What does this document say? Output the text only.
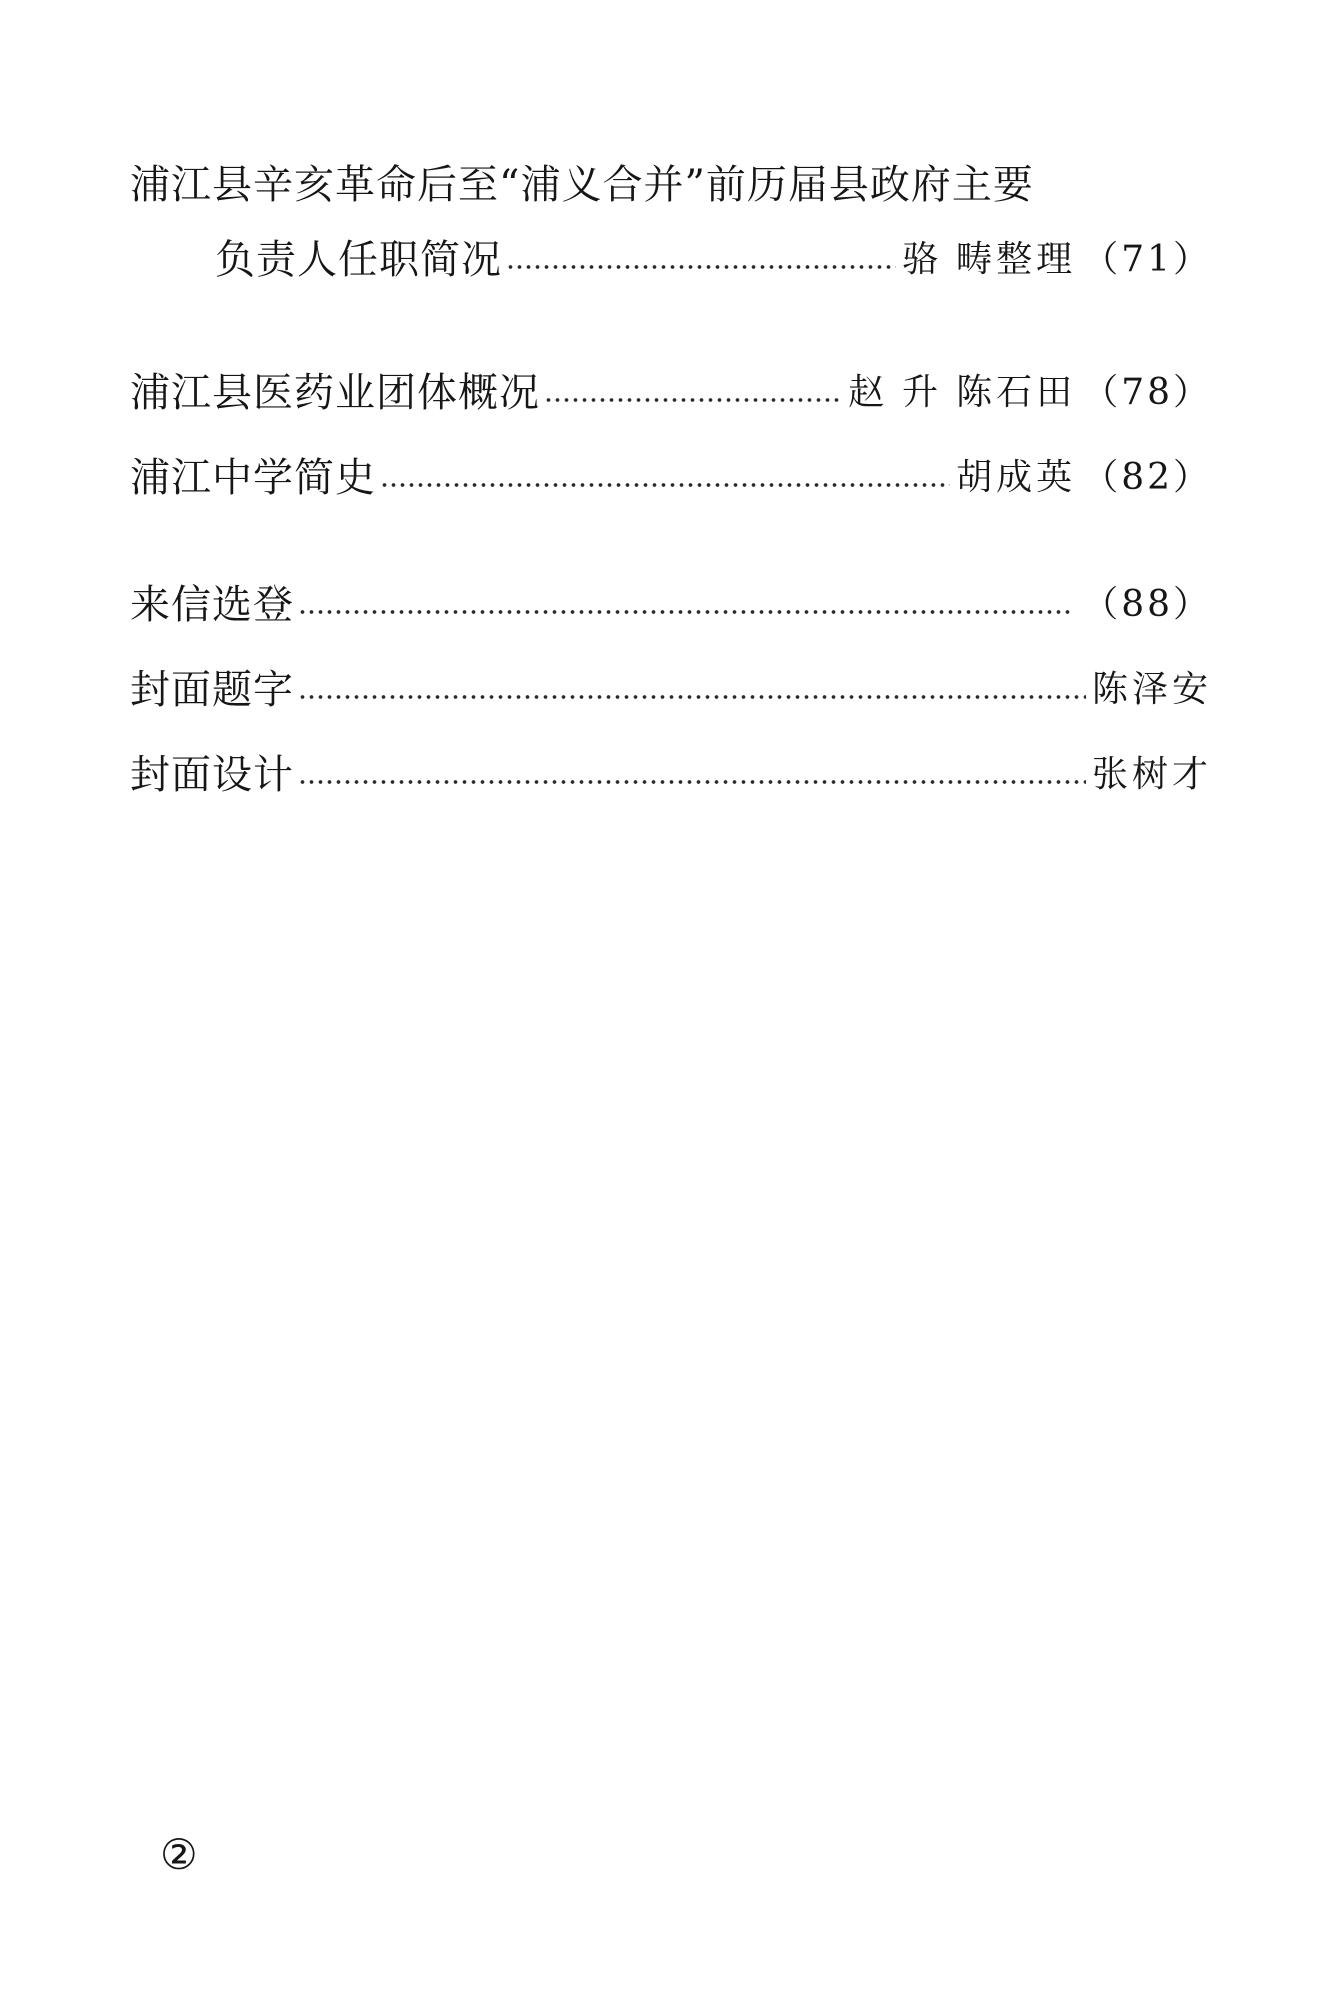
浦江县辛亥革命后至“浦义合并”前历届县政府主要
负责人任职简况	骆 畴整理 （71）
浦江县医药业团体概况	赵 升 陈石田 （78）
浦江中学简史	胡成英 （82）
来信选登	（88）
封面题字	陈泽安
封面设计	张树才
②
